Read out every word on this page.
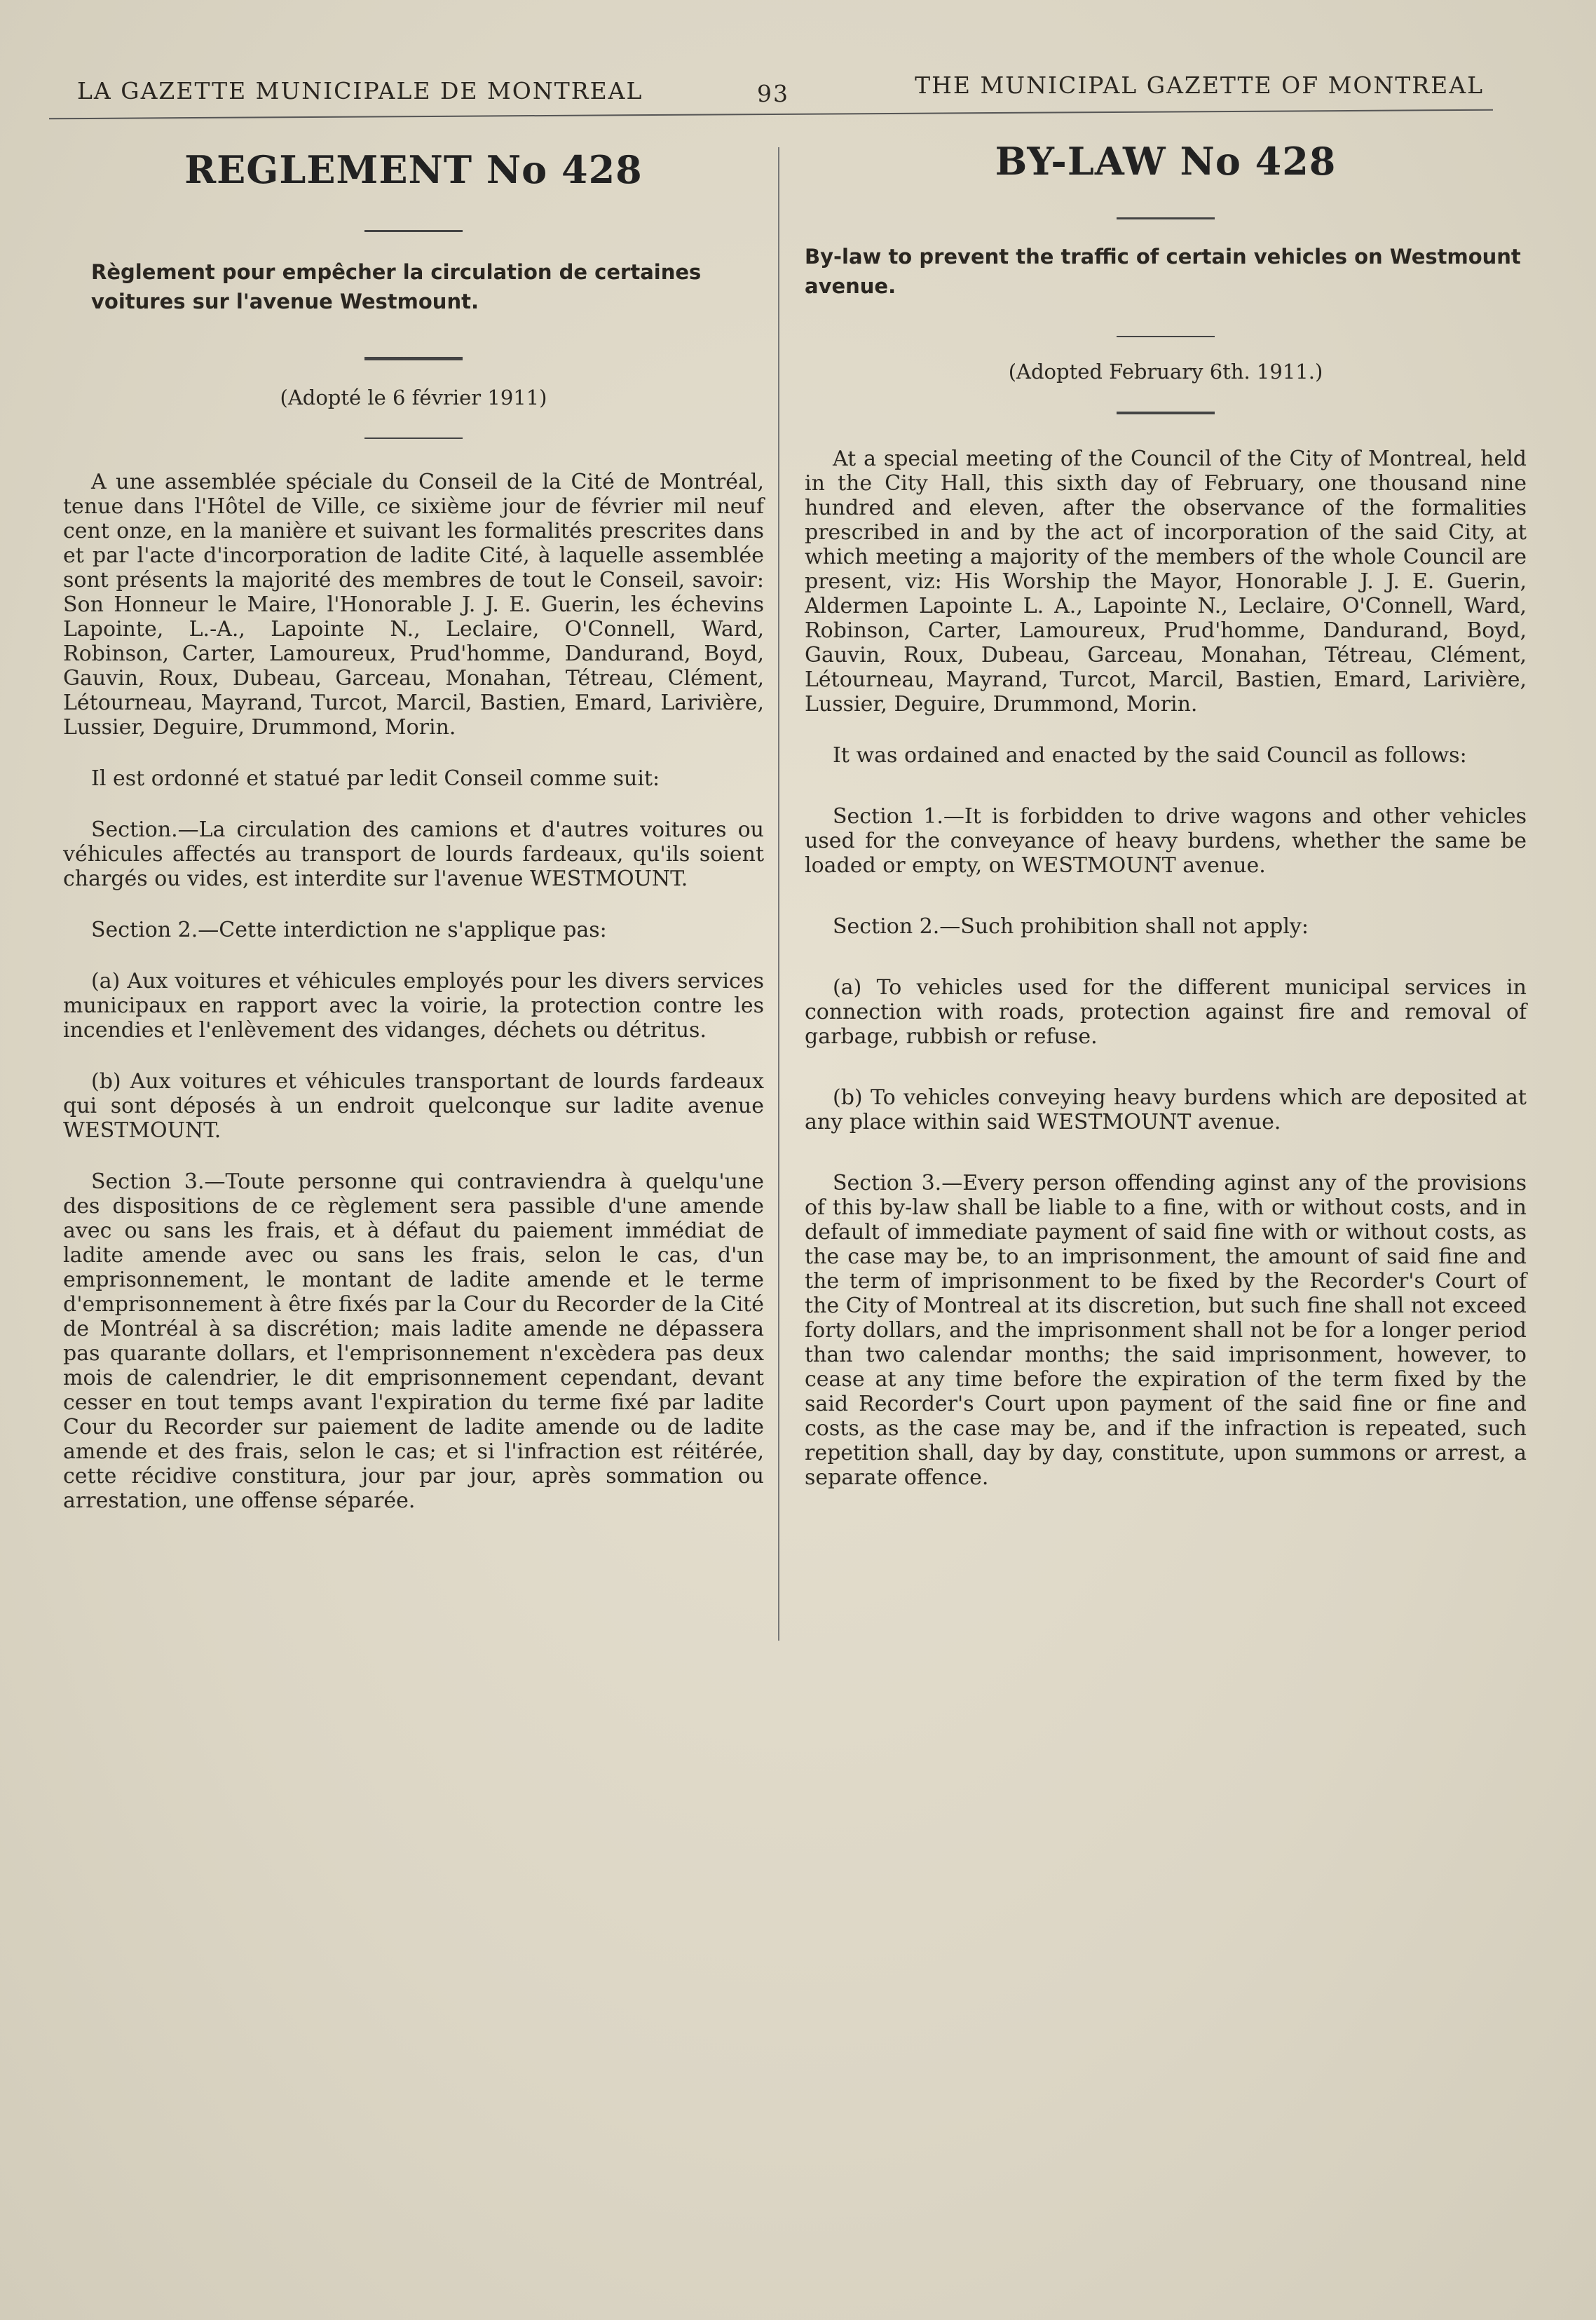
LA GAZETTE MUNICIPALE DE MONTREAL	93	THE MUNICIPAL GAZETTE OF MONTREAL
REGLEMENT No 428

Règlement pour empêcher la circulation de certaines voitures sur l'avenue Westmount.

(Adopté le 6 février 1911)

A une assemblée spéciale du Conseil de la Cité de Montréal, tenue dans l'Hôtel de Ville, ce sixième jour de février mil neuf cent onze, en la manière et suivant les formalités prescrites dans et par l'acte d'incorporation de ladite Cité, à laquelle assemblée sont présents la majorité des membres de tout le Conseil, savoir: Son Honneur le Maire, l'Honorable J. J. E. Guerin, les échevins Lapointe, L.-A., Lapointe N., Leclaire, O'Connell, Ward, Robinson, Carter, Lamoureux, Prud'homme, Dandurand, Boyd, Gauvin, Roux, Dubeau, Garceau, Monahan, Tétreau, Clément, Létourneau, Mayrand, Turcot, Marcil, Bastien, Emard, Larivière, Lussier, Deguire, Drummond, Morin.

Il est ordonné et statué par ledit Conseil comme suit:

Section.—La circulation des camions et d'autres voitures ou véhicules affectés au transport de lourds fardeaux, qu'ils soient chargés ou vides, est interdite sur l'avenue WESTMOUNT.

Section 2.—Cette interdiction ne s'applique pas:

(a) Aux voitures et véhicules employés pour les divers services municipaux en rapport avec la voirie, la protection contre les incendies et l'enlèvement des vidanges, déchets ou détritus.

(b) Aux voitures et véhicules transportant de lourds fardeaux qui sont déposés à un endroit quelconque sur ladite avenue WESTMOUNT.

Section 3.—Toute personne qui contraviendra à quelqu'une des dispositions de ce règlement sera passible d'une amende avec ou sans les frais, et à défaut du paiement immédiat de ladite amende avec ou sans les frais, selon le cas, d'un emprisonnement, le montant de ladite amende et le terme d'emprisonnement à être fixés par la Cour du Recorder de la Cité de Montréal à sa discrétion; mais ladite amende ne dépassera pas quarante dollars, et l'emprisonnement n'excèdera pas deux mois de calendrier, le dit emprisonnement cependant, devant cesser en tout temps avant l'expiration du terme fixé par ladite Cour du Recorder sur paiement de ladite amende ou de ladite amende et des frais, selon le cas; et si l'infraction est réitérée, cette récidive constitura, jour par jour, après sommation ou arrestation, une offense séparée.

BY-LAW No 428

By-law to prevent the traffic of certain vehicles on Westmount avenue.

(Adopted February 6th. 1911.)

At a special meeting of the Council of the City of Montreal, held in the City Hall, this sixth day of February, one thousand nine hundred and eleven, after the observance of the formalities prescribed in and by the act of incorporation of the said City, at which meeting a majority of the members of the whole Council are present, viz: His Worship the Mayor, Honorable J. J. E. Guerin, Aldermen Lapointe L. A., Lapointe N., Leclaire, O'Connell, Ward, Robinson, Carter, Lamoureux, Prud'homme, Dandurand, Boyd, Gauvin, Roux, Dubeau, Garceau, Monahan, Tétreau, Clément, Létourneau, Mayrand, Turcot, Marcil, Bastien, Emard, Larivière, Lussier, Deguire, Drummond, Morin.

It was ordained and enacted by the said Council as follows:

Section 1.—It is forbidden to drive wagons and other vehicles used for the conveyance of heavy burdens, whether the same be loaded or empty, on WESTMOUNT avenue.

Section 2.—Such prohibition shall not apply:

(a) To vehicles used for the different municipal services in connection with roads, protection against fire and removal of garbage, rubbish or refuse.

(b) To vehicles conveying heavy burdens which are deposited at any place within said WESTMOUNT avenue.

Section 3.—Every person offending aginst any of the provisions of this by-law shall be liable to a fine, with or without costs, and in default of immediate payment of said fine with or without costs, as the case may be, to an imprisonment, the amount of said fine and the term of imprisonment to be fixed by the Recorder's Court of the City of Montreal at its discretion, but such fine shall not exceed forty dollars, and the imprisonment shall not be for a longer period than two calendar months; the said imprisonment, however, to cease at any time before the expiration of the term fixed by the said Recorder's Court upon payment of the said fine or fine and costs, as the case may be, and if the infraction is repeated, such repetition shall, day by day, constitute, upon summons or arrest, a separate offence.
